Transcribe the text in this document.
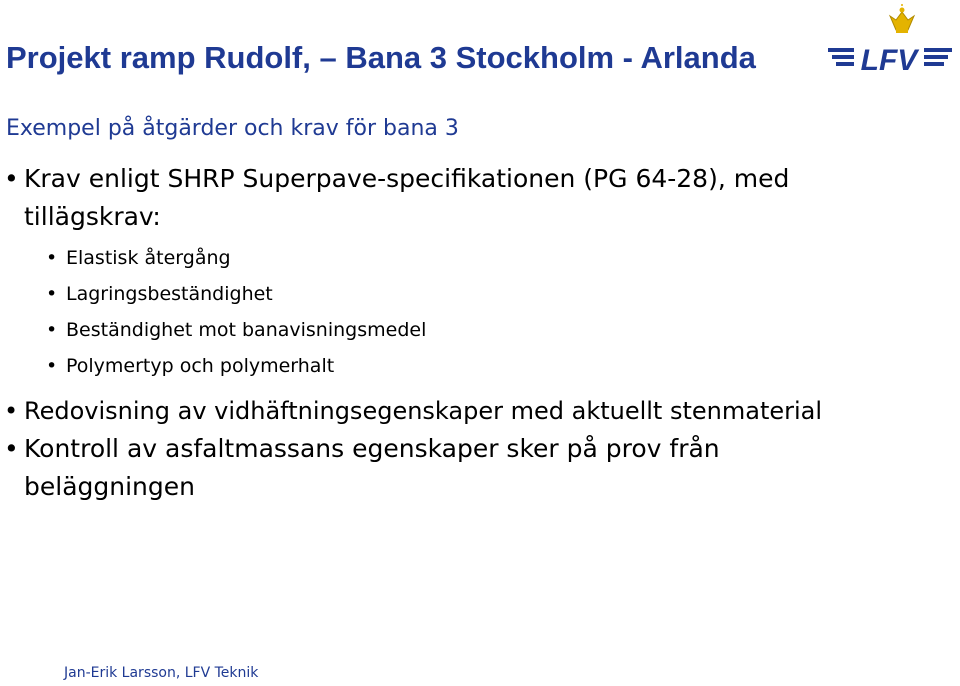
Projekt ramp Rudolf, – Bana 3 Stockholm - Arlanda	LFV
Exempel på åtgärder och krav för bana 3

• Krav enligt SHRP Superpave-specifikationen (PG 64-28), med tillägskrav:

• Elastisk återgång
• Lagringsbeständighet
• Beständighet mot banavisningsmedel
• Polymertyp och polymerhalt

• Redovisning av vidhäftningsegenskaper med aktuellt stenmaterial

• Kontroll av asfaltmassans egenskaper sker på prov från beläggningen

Jan-Erik Larsson, LFV Teknik
